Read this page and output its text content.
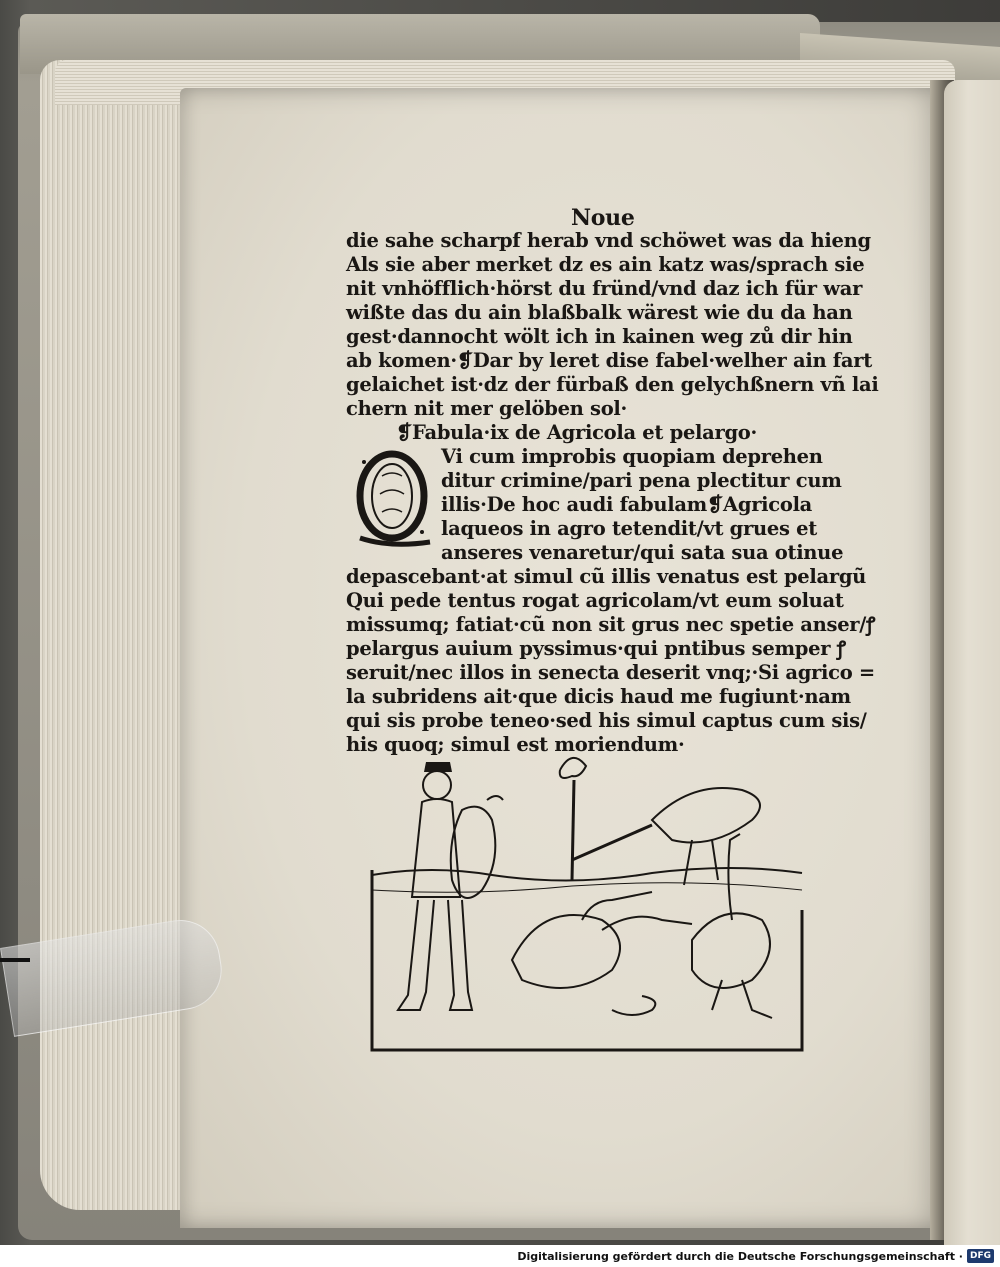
Noue
die sahe scharpf herab vnd schöwet was da hieng
Als sie aber merket dz es ain katz was/sprach sie
nit vnhöfflich·hörst du fründ/vnd daz ich für war
wißte das du ain blaßbalk wärest wie du da han
gest·dannocht wölt ich in kainen weg zů dir hin
ab komen·❡Dar by leret dise fabel·welher ain fart
gelaichet ist·dz der fürbaß den gelychßnern vñ lai
chern nit mer gelöben sol·
❡Fabula·ix de Agricola et pelargo·
Vi cum improbis quopiam deprehen
ditur crimine/pari pena plectitur cum
illis·De hoc audi fabulam❡Agricola
laqueos in agro tetendit/vt grues et
anseres venaretur/qui sata sua otinue
depascebant·at simul cũ illis venatus est pelargũ
Qui pede tentus rogat agricolam/vt eum soluat
missumq; fatiat·cũ non sit grus nec spetie anser/ꝭ
pelargus auium pyssimus·qui pntibus semper ꝭ
seruit/nec illos in senecta deserit vnq;·Si agrico =
la subridens ait·que dicis haud me fugiunt·nam
qui sis probe teneo·sed his simul captus cum sis/
his quoq; simul est moriendum·
Digitalisierung gefördert durch die Deutsche Forschungsgemeinschaft · DFG
